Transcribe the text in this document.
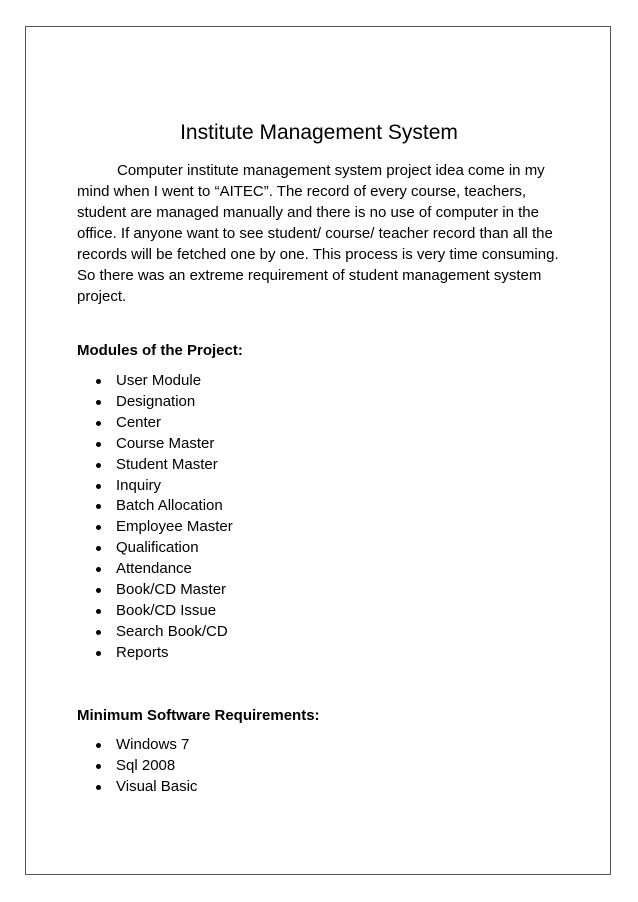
Institute Management System

Computer institute management system project idea come in my mind when I went to “AITEC”. The record of every course, teachers, student are managed manually and there is no use of computer in the office. If anyone want to see student/ course/ teacher record than all the records will be fetched one by one. This process is very time consuming. So there was an extreme requirement of student management system project.

Modules of the Project:
User Module
Designation
Center
Course Master
Student Master
Inquiry
Batch Allocation
Employee Master
Qualification
Attendance
Book/CD Master
Book/CD Issue
Search Book/CD
Reports
Minimum Software Requirements:
Windows 7
Sql 2008
Visual Basic
